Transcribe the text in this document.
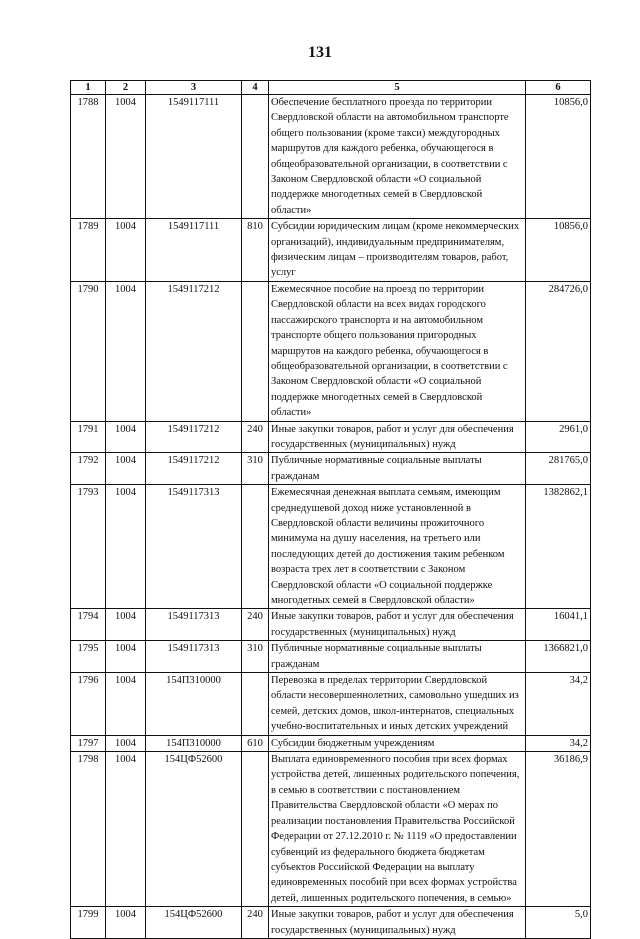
131
1	2	3	4	5	6
1788	1004	1549117111		Обеспечение бесплатного проезда по территории Свердловской области на автомобильном транспорте общего пользования (кроме такси) междугородных маршрутов для каждого ребенка, обучающегося в общеобразовательной организации, в соответствии с Законом Свердловской области «О социальной поддержке многодетных семей в Свердловской области»	10856,0
1789	1004	1549117111	810	Субсидии юридическим лицам (кроме некоммерческих организаций), индивидуальным предпринимателям, физическим лицам – производителям товаров, работ, услуг	10856,0
1790	1004	1549117212		Ежемесячное пособие на проезд по территории Свердловской области на всех видах городского пассажирского транспорта и на автомобильном транспорте общего пользования пригородных маршрутов на каждого ребенка, обучающегося в общеобразовательной организации, в соответствии с Законом Свердловской области «О социальной поддержке многодетных семей в Свердловской области»	284726,0
1791	1004	1549117212	240	Иные закупки товаров, работ и услуг для обеспечения государственных (муниципальных) нужд	2961,0
1792	1004	1549117212	310	Публичные нормативные социальные выплаты гражданам	281765,0
1793	1004	1549117313		Ежемесячная денежная выплата семьям, имеющим среднедушевой доход ниже установленной в Свердловской области величины прожиточного минимума на душу населения, на третьего или последующих детей до достижения таким ребенком возраста трех лет в соответствии с Законом Свердловской области «О социальной поддержке многодетных семей в Свердловской области»	1382862,1
1794	1004	1549117313	240	Иные закупки товаров, работ и услуг для обеспечения государственных (муниципальных) нужд	16041,1
1795	1004	1549117313	310	Публичные нормативные социальные выплаты гражданам	1366821,0
1796	1004	154П310000		Перевозка в пределах территории Свердловской области несовершеннолетних, самовольно ушедших из семей, детских домов, школ-интернатов, специальных учебно-воспитательных и иных детских учреждений	34,2
1797	1004	154П310000	610	Субсидии бюджетным учреждениям	34,2
1798	1004	154ЦФ52600		Выплата единовременного пособия при всех формах устройства детей, лишенных родительского попечения, в семью в соответствии с постановлением Правительства Свердловской области «О мерах по реализации постановления Правительства Российской Федерации от 27.12.2010 г. № 1119 «О предоставлении субвенций из федерального бюджета бюджетам субъектов Российской Федерации на выплату единовременных пособий при всех формах устройства детей, лишенных родительского попечения, в семью»	36186,9
1799	1004	154ЦФ52600	240	Иные закупки товаров, работ и услуг для обеспечения государственных (муниципальных) нужд	5,0
